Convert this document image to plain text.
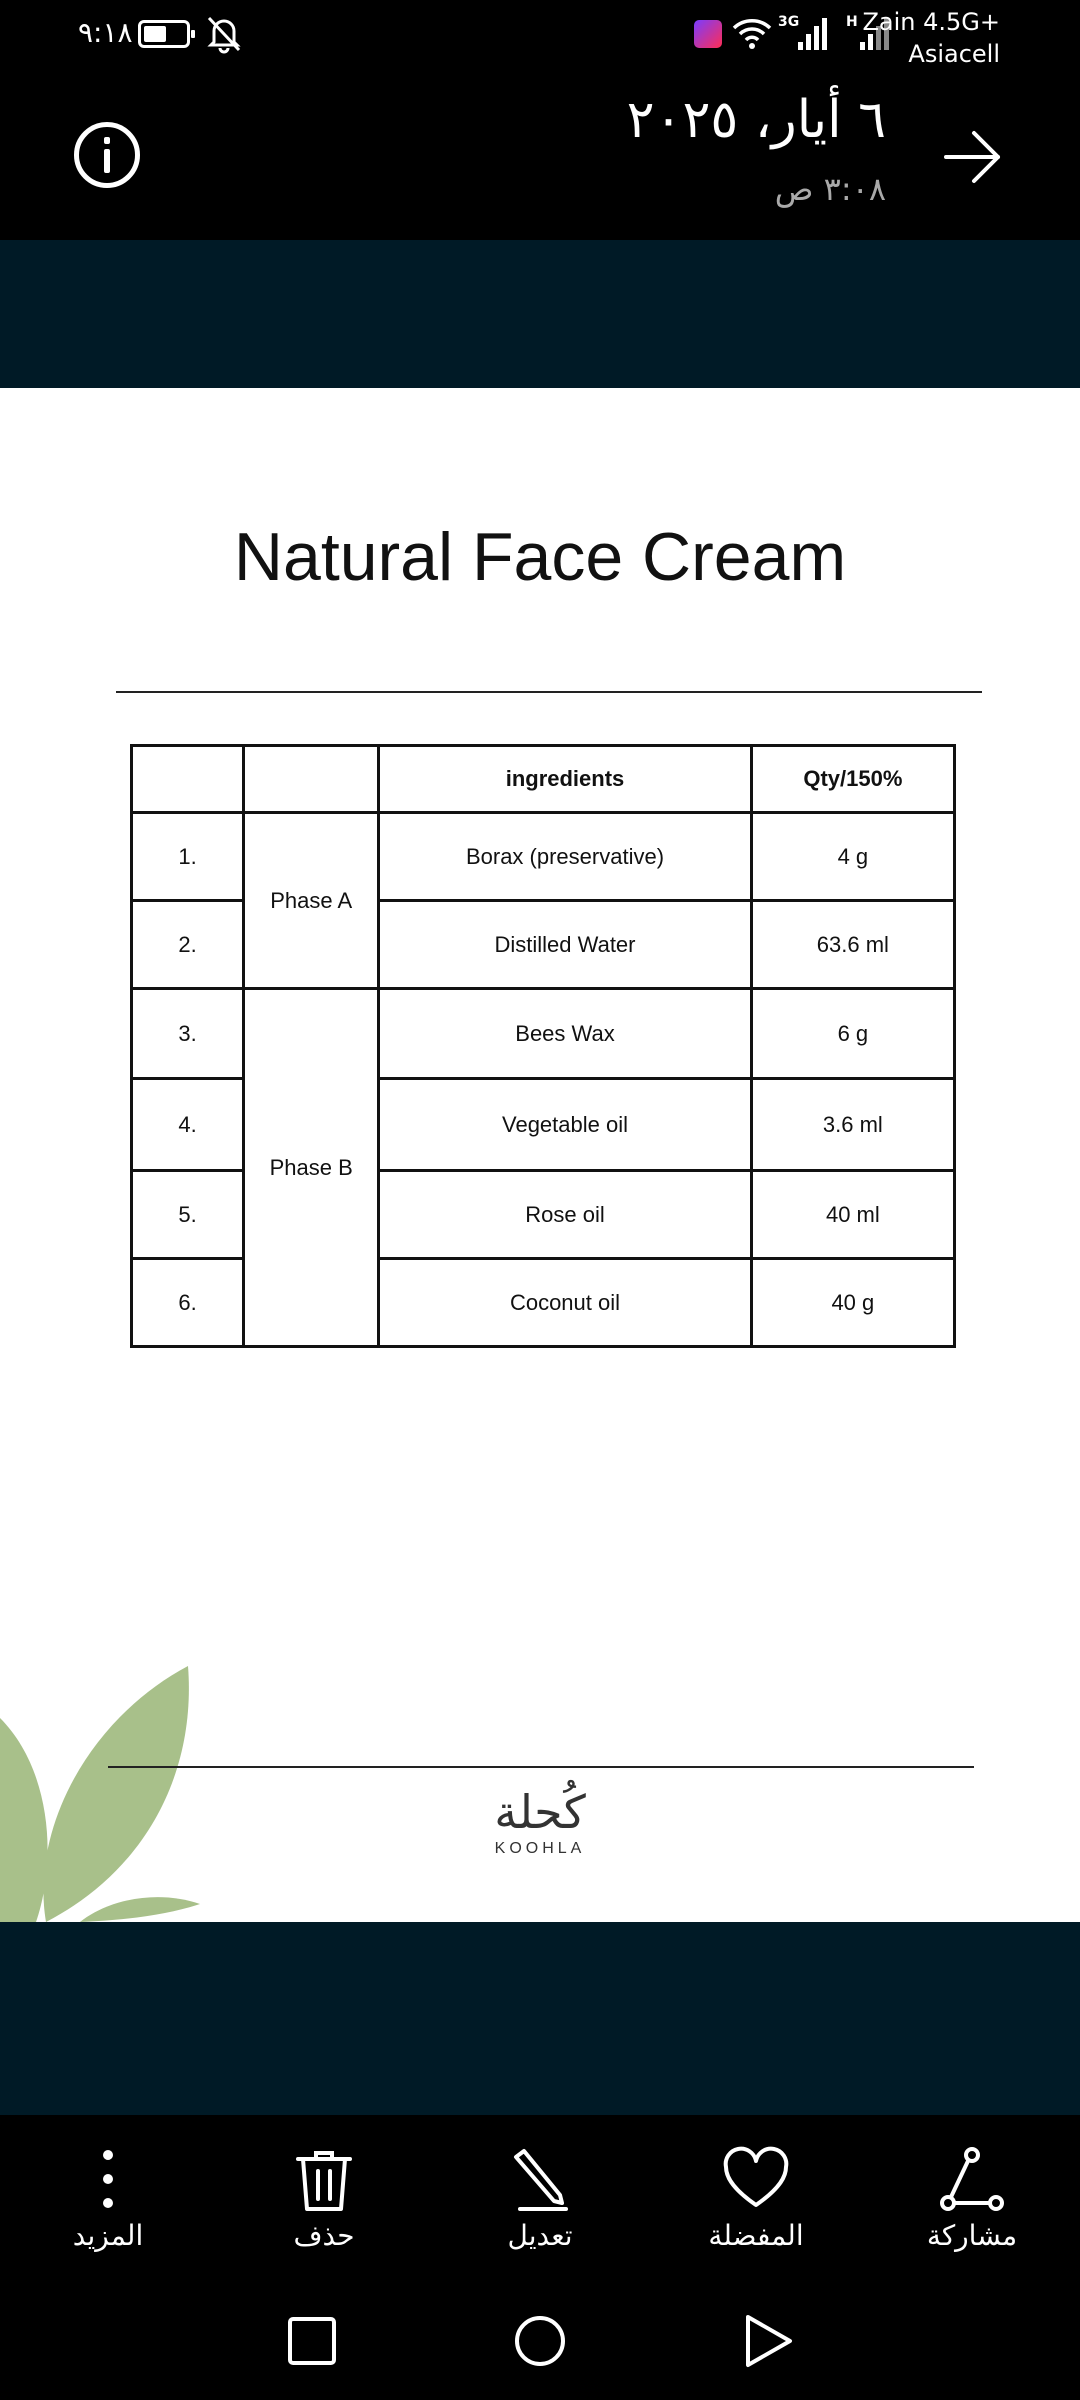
٩:١٨	3G	H Zain 4.5G+
Asiacell
٦ أيار، ٢٠٢٥
٣:٠٨ ص
Natural Face Cream
		ingredients	Qty/150%
1.	Phase A	Borax (preservative)	4 g
2.		Distilled Water	63.6 ml
3.	Phase B	Bees Wax	6 g
4.		Vegetable oil	3.6 ml
5.		Rose oil	40 ml
6.		Coconut oil	40 g
كُحلة
KOOHLA
المزيد	حذف	تعديل	المفضلة	مشاركة
